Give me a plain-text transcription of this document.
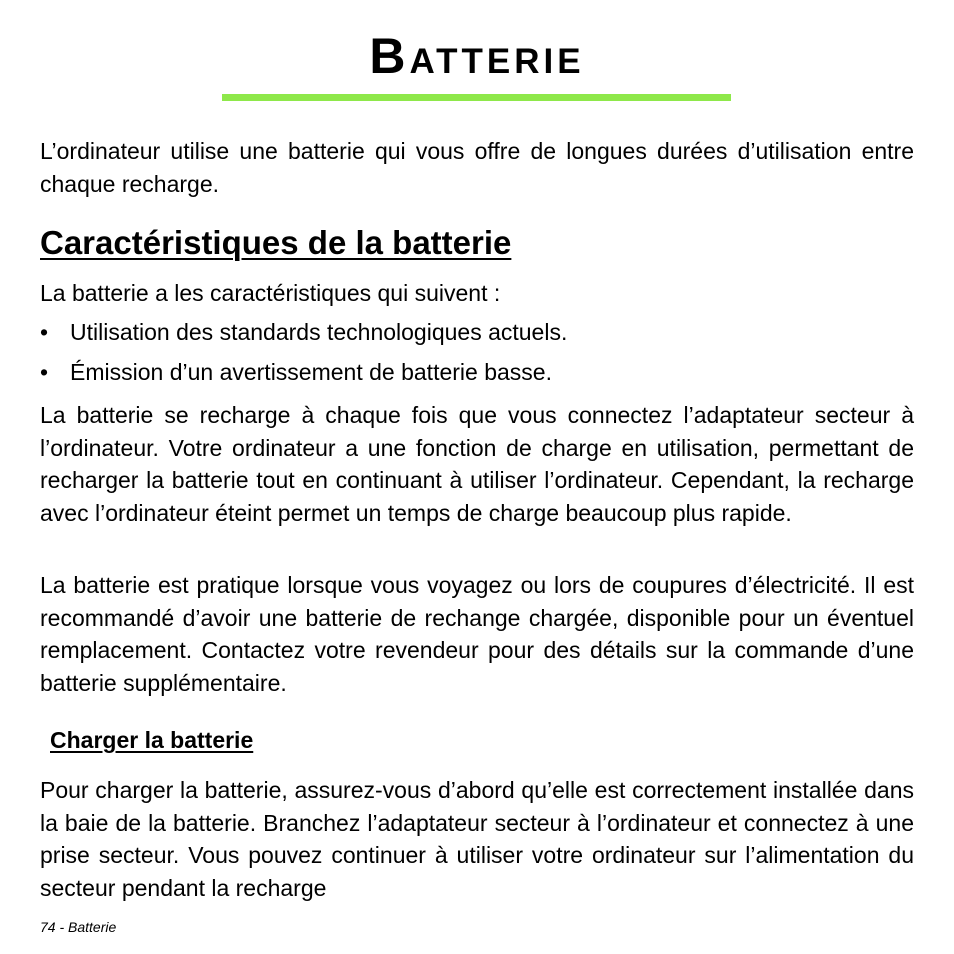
Batterie

L’ordinateur utilise une batterie qui vous offre de longues durées d’utilisation entre chaque recharge.

Caractéristiques de la batterie

La batterie a les caractéristiques qui suivent :

• Utilisation des standards technologiques actuels.
• Émission d’un avertissement de batterie basse.

La batterie se recharge à chaque fois que vous connectez l’adaptateur secteur à l’ordinateur. Votre ordinateur a une fonction de charge en utilisation, permettant de recharger la batterie tout en continuant à utiliser l’ordinateur. Cependant, la recharge avec l’ordinateur éteint permet un temps de charge beaucoup plus rapide.

La batterie est pratique lorsque vous voyagez ou lors de coupures d’électricité. Il est recommandé d’avoir une batterie de rechange chargée, disponible pour un éventuel remplacement. Contactez votre revendeur pour des détails sur la commande d’une batterie supplémentaire.

Charger la batterie

Pour charger la batterie, assurez-vous d’abord qu’elle est correctement installée dans la baie de la batterie. Branchez l’adaptateur secteur à l’ordinateur et connectez à une prise secteur. Vous pouvez continuer à utiliser votre ordinateur sur l’alimentation du secteur pendant la recharge

74 - Batterie
